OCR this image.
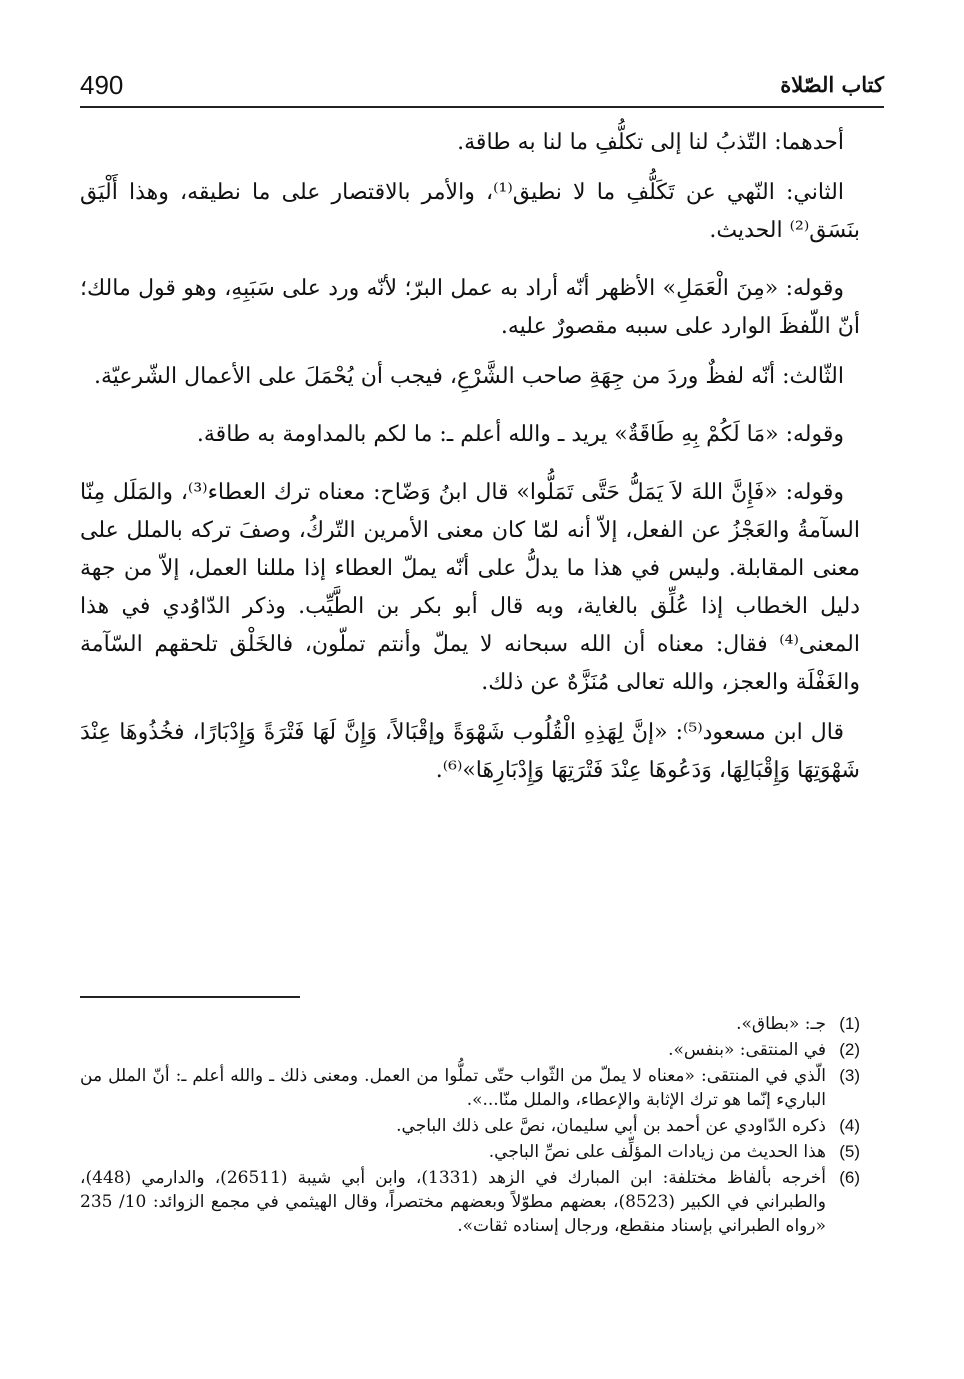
كتاب الصّلاة
490

أحدهما: التّذبُ لنا إلى تكلُّفِ ما لنا به طاقة.

الثاني: النّهي عن تَكَلُّفِ ما لا نطيق⁽¹⁾، والأمر بالاقتصار على ما نطيقه، وهذا أَلْيَق بنَسَق⁽²⁾ الحديث.

وقوله: «مِنَ الْعَمَلِ» الأظهر أنّه أراد به عمل البرّ؛ لأنّه ورد على سَبَبِهِ، وهو قول مالك؛ أنّ اللّفظَ الوارد على سببه مقصورٌ عليه.

الثّالث: أنّه لفظٌ وردَ من جِهَةِ صاحب الشَّرْعِ، فيجب أن يُحْمَلَ على الأعمال الشّرعيّة.

وقوله: «مَا لَكُمْ بِهِ طَاقَةٌ» يريد ـ والله أعلم ـ: ما لكم بالمداومة به طاقة.

وقوله: «فَإِنَّ اللهَ لاَ يَمَلُّ حَتَّى تَمَلُّوا» قال ابنُ وَضّاح: معناه ترك العطاء⁽³⁾، والمَلَل مِنّا السآمةُ والعَجْزُ عن الفعل، إلاّ أنه لمّا كان معنى الأمرين التّركُ، وصفَ تركه بالملل على معنى المقابلة. وليس في هذا ما يدلُّ على أنّه يملّ العطاء إذا مللنا العمل، إلاّ من جهة دليل الخطاب إذا عُلِّق بالغاية، وبه قال أبو بكر بن الطَّيِّب. وذكر الدّاوُدي في هذا المعنى⁽⁴⁾ فقال: معناه أن الله سبحانه لا يملّ وأنتم تملّون، فالخَلْق تلحقهم السّآمة والغَفْلَة والعجز، والله تعالى مُنَزَّهٌ عن ذلك.

قال ابن مسعود⁽⁵⁾: «إنَّ لِهَذِهِ الْقُلُوب شَهْوَةً وإقْبَالاً، وَإِنَّ لَهَا فَتْرَةً وَإِدْبَارًا، فخُذُوهَا عِنْدَ شَهْوَتِهَا وَإِقْبَالِهَا، وَدَعُوهَا عِنْدَ فَتْرَتِهَا وَإِدْبَارِهَا»⁽⁶⁾.

(1)
جـ: «بطاق».
(2)
في المنتقى: «بنفس».
(3)
الّذي في المنتقى: «معناه لا يملّ من الثّواب حتّى تملُّوا من العمل. ومعنى ذلك ـ والله أعلم ـ: أنّ الملل من الباريء إنّما هو ترك الإثابة والإعطاء، والملل منّا...».
(4)
ذكره الدّاودي عن أحمد بن أبي سليمان، نصَّ على ذلك الباجي.
(5)
هذا الحديث من زيادات المؤلِّف على نصِّ الباجي.
(6)
أخرجه بألفاظ مختلفة: ابن المبارك في الزهد (1331)، وابن أبي شيبة (26511)، والدارمي (448)، والطبراني في الكبير (8523)، بعضهم مطوّلاً وبعضهم مختصراً، وقال الهيثمي في مجمع الزوائد: 10/ 235 «رواه الطبراني بإسناد منقطع، ورجال إسناده ثقات».
